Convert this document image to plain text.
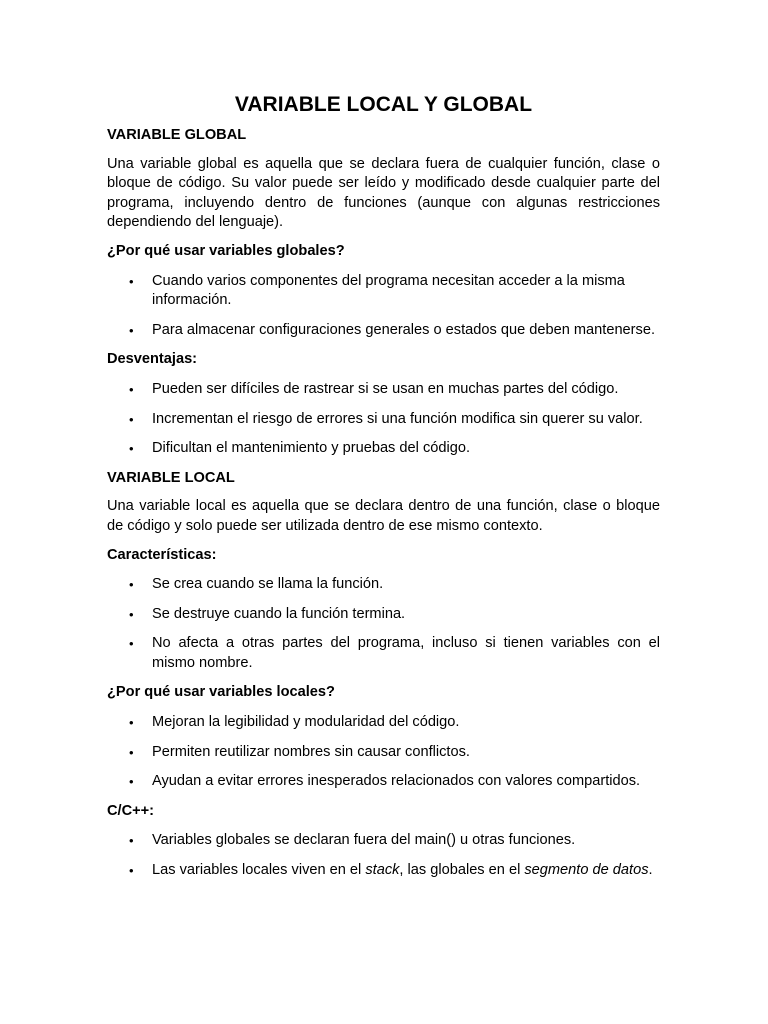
VARIABLE LOCAL Y GLOBAL
VARIABLE GLOBAL
Una variable global es aquella que se declara fuera de cualquier función, clase o bloque de código. Su valor puede ser leído y modificado desde cualquier parte del programa, incluyendo dentro de funciones (aunque con algunas restricciones dependiendo del lenguaje).
¿Por qué usar variables globales?
• Cuando varios componentes del programa necesitan acceder a la misma información.
• Para almacenar configuraciones generales o estados que deben mantenerse.
Desventajas:
• Pueden ser difíciles de rastrear si se usan en muchas partes del código.
• Incrementan el riesgo de errores si una función modifica sin querer su valor.
• Dificultan el mantenimiento y pruebas del código.
VARIABLE LOCAL
Una variable local es aquella que se declara dentro de una función, clase o bloque de código y solo puede ser utilizada dentro de ese mismo contexto.
Características:
• Se crea cuando se llama la función.
• Se destruye cuando la función termina.
• No afecta a otras partes del programa, incluso si tienen variables con el mismo nombre.
¿Por qué usar variables locales?
• Mejoran la legibilidad y modularidad del código.
• Permiten reutilizar nombres sin causar conflictos.
• Ayudan a evitar errores inesperados relacionados con valores compartidos.
C/C++:
• Variables globales se declaran fuera del main() u otras funciones.
• Las variables locales viven en el stack, las globales en el segmento de datos.
